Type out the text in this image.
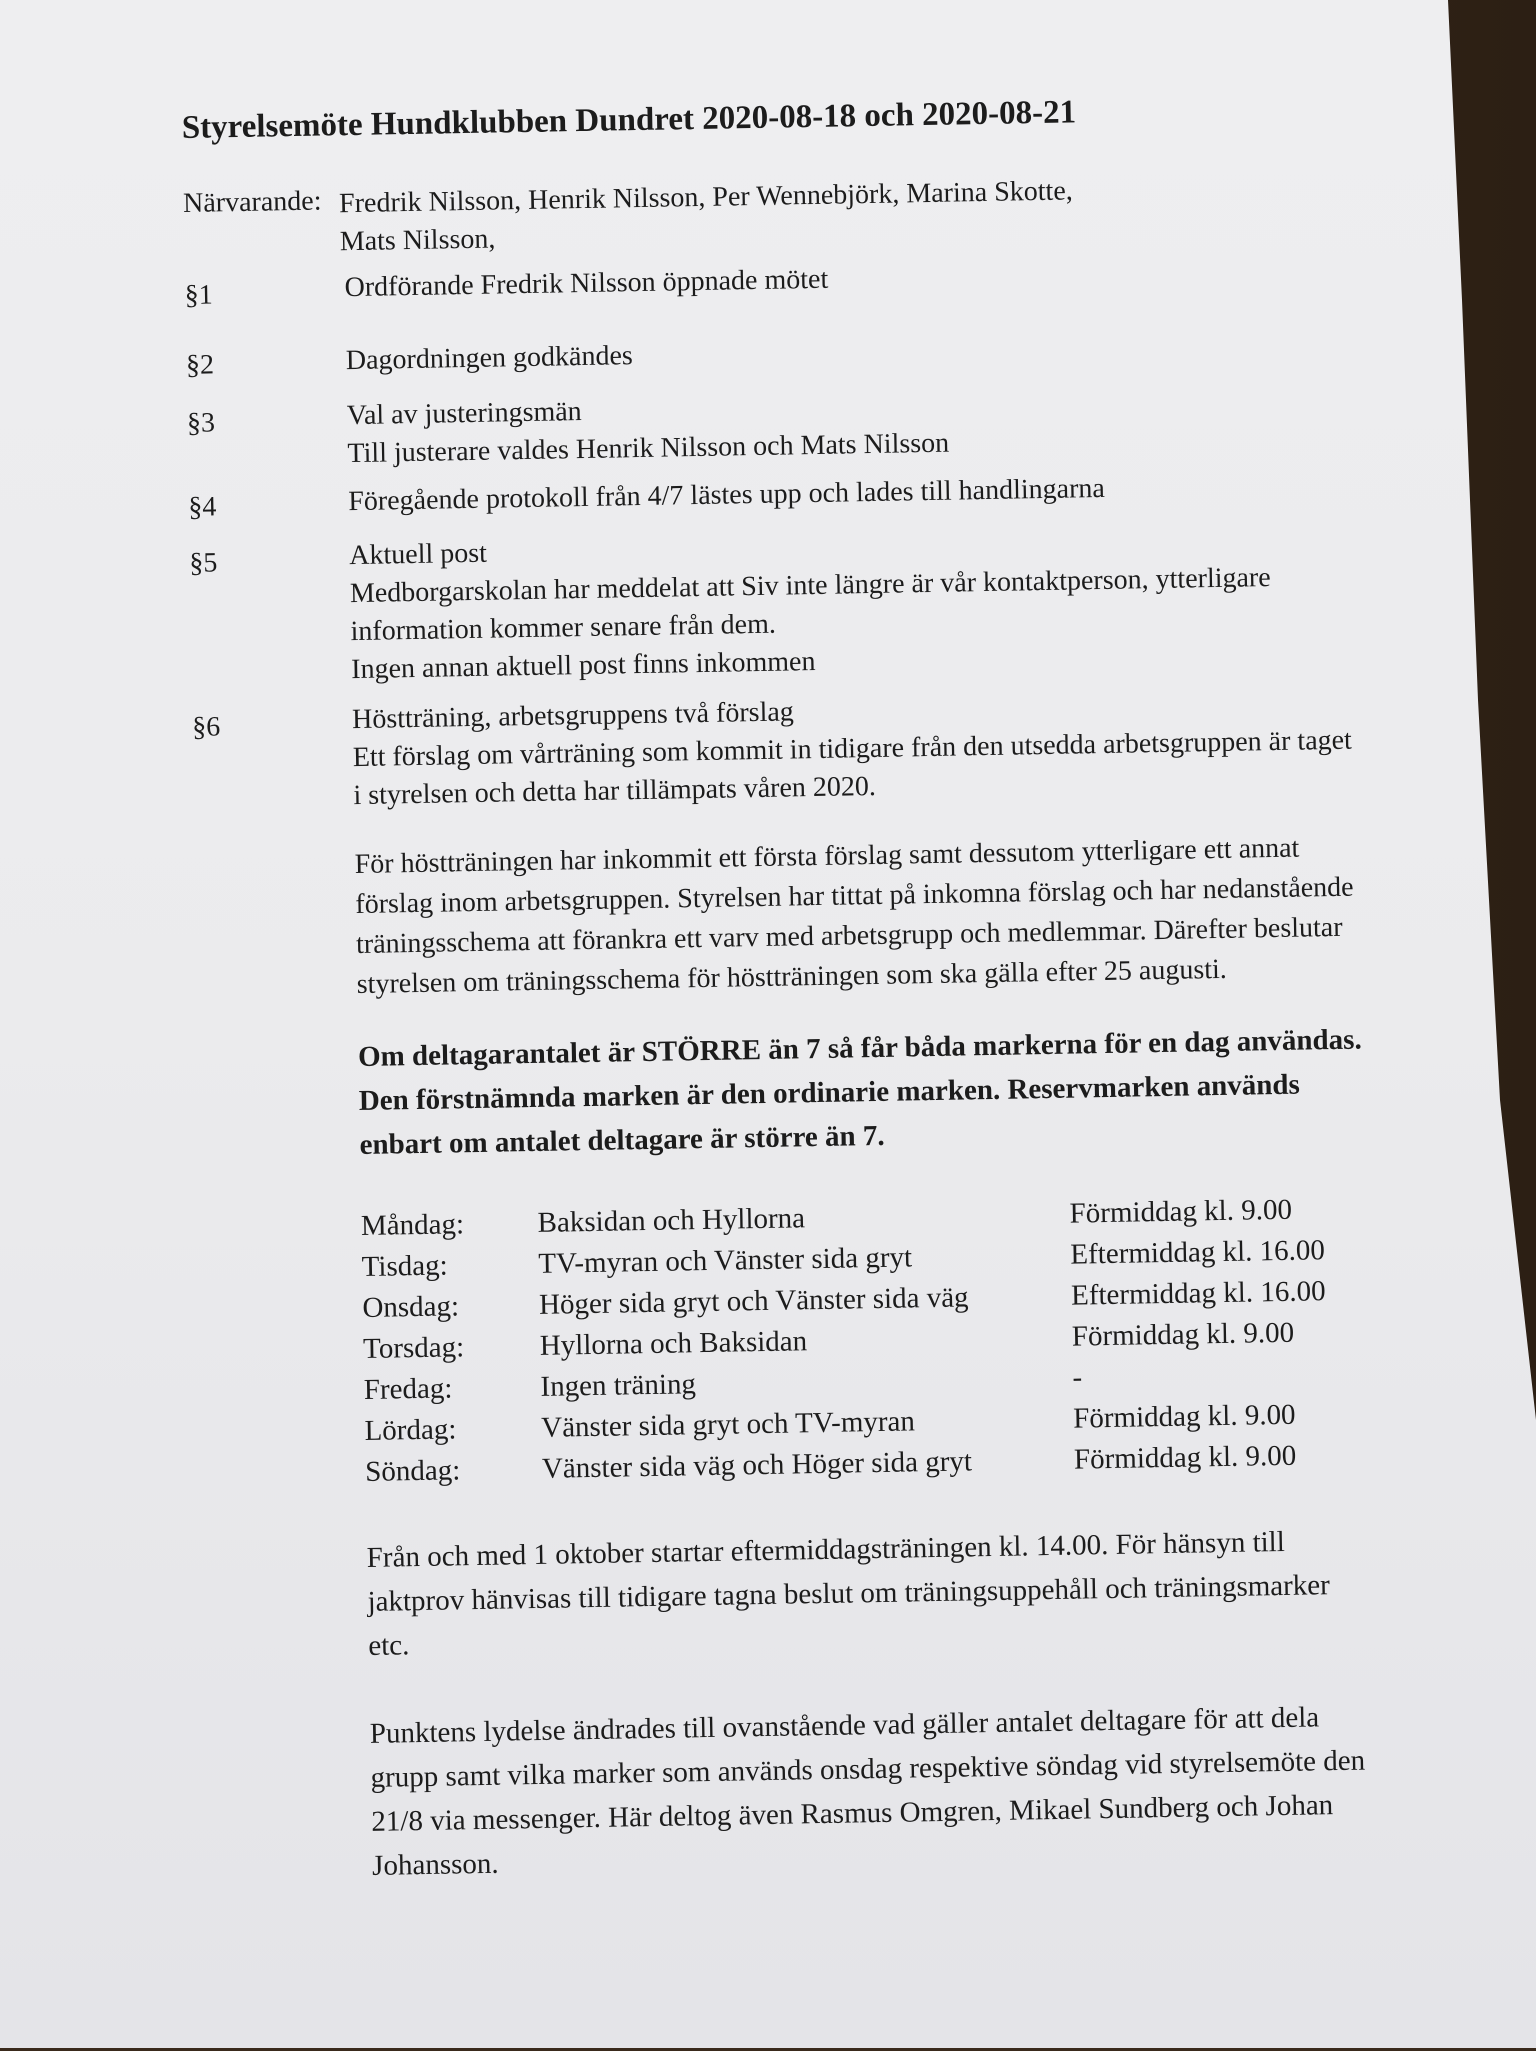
Styrelsemöte Hundklubben Dundret 2020-08-18 och 2020-08-21
Närvarande: Fredrik Nilsson, Henrik Nilsson, Per Wennebjörk, Marina Skotte, Mats Nilsson,
§1	Ordförande Fredrik Nilsson öppnade mötet

§2	Dagordningen godkändes

§3	Val av justeringsmän

Till justerare valdes Henrik Nilsson och Mats Nilsson

§4	Föregående protokoll från 4/7 lästes upp och lades till handlingarna

§5	Aktuell post

Medborgarskolan har meddelat att Siv inte längre är vår kontaktperson, ytterligare information kommer senare från dem.

Ingen annan aktuell post finns inkommen

§6	Höstträning, arbetsgruppens två förslag

Ett förslag om vårträning som kommit in tidigare från den utsedda arbetsgruppen är taget i styrelsen och detta har tillämpats våren 2020.

För höstträningen har inkommit ett första förslag samt dessutom ytterligare ett annat förslag inom arbetsgruppen. Styrelsen har tittat på inkomna förslag och har nedanstående träningsschema att förankra ett varv med arbetsgrupp och medlemmar. Därefter beslutar styrelsen om träningsschema för höstträningen som ska gälla efter 25 augusti.

Om deltagarantalet är STÖRRE än 7 så får båda markerna för en dag användas. Den förstnämnda marken är den ordinarie marken. Reservmarken används enbart om antalet deltagare är större än 7.

Måndag:	Baksidan och Hyllorna	Förmiddag kl. 9.00
Tisdag:	TV-myran och Vänster sida gryt	Eftermiddag kl. 16.00
Onsdag:	Höger sida gryt och Vänster sida väg	Eftermiddag kl. 16.00
Torsdag:	Hyllorna och Baksidan	Förmiddag kl. 9.00
Fredag:	Ingen träning	-
Lördag:	Vänster sida gryt och TV-myran	Förmiddag kl. 9.00
Söndag:	Vänster sida väg och Höger sida gryt	Förmiddag kl. 9.00

Från och med 1 oktober startar eftermiddagsträningen kl. 14.00. För hänsyn till jaktprov hänvisas till tidigare tagna beslut om träningsuppehåll och träningsmarker etc.

Punktens lydelse ändrades till ovanstående vad gäller antalet deltagare för att dela grupp samt vilka marker som används onsdag respektive söndag vid styrelsemöte den 21/8 via messenger. Här deltog även Rasmus Omgren, Mikael Sundberg och Johan Johansson.
